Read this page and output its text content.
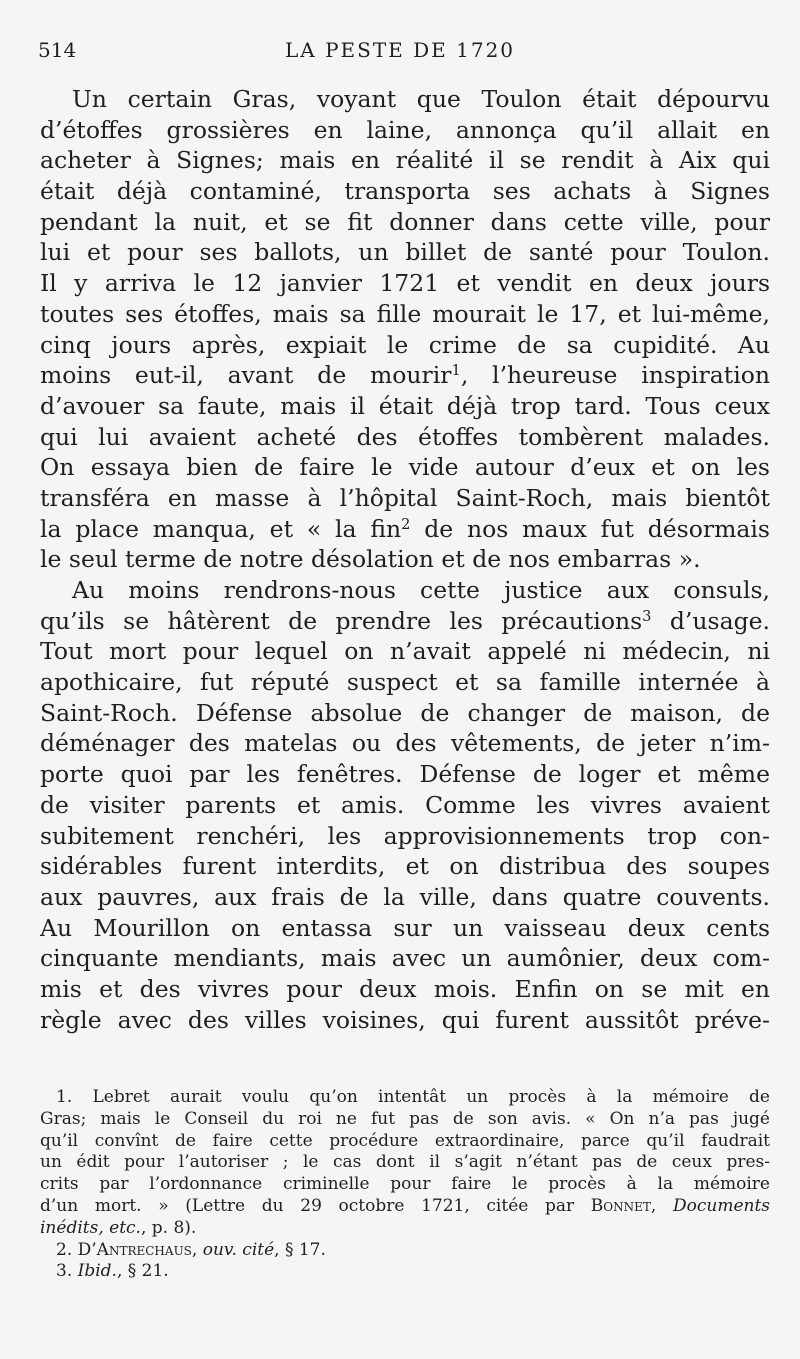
514	LA PESTE DE 1720
Un certain Gras, voyant que Toulon était dépourvu
d’étoffes grossières en laine, annonça qu’il allait en
acheter à Signes; mais en réalité il se rendit à Aix qui
était déjà contaminé, transporta ses achats à Signes
pendant la nuit, et se fit donner dans cette ville, pour
lui et pour ses ballots, un billet de santé pour Toulon.
Il y arriva le 12 janvier 1721 et vendit en deux jours
toutes ses étoffes, mais sa fille mourait le 17, et lui-même,
cinq jours après, expiait le crime de sa cupidité. Au
moins eut-il, avant de mourir$^1$, l’heureuse inspiration
d’avouer sa faute, mais il était déjà trop tard. Tous ceux
qui lui avaient acheté des étoffes tombèrent malades.
On essaya bien de faire le vide autour d’eux et on les
transféra en masse à l’hôpital Saint-Roch, mais bientôt
la place manqua, et « la fin$^2$ de nos maux fut désormais
le seul terme de notre désolation et de nos embarras ».
Au moins rendrons-nous cette justice aux consuls,
qu’ils se hâtèrent de prendre les précautions$^3$ d’usage.
Tout mort pour lequel on n’avait appelé ni médecin, ni
apothicaire, fut réputé suspect et sa famille internée à
Saint-Roch. Défense absolue de changer de maison, de
déménager des matelas ou des vêtements, de jeter n’im-
porte quoi par les fenêtres. Défense de loger et même
de visiter parents et amis. Comme les vivres avaient
subitement renchéri, les approvisionnements trop con-
sidérables furent interdits, et on distribua des soupes
aux pauvres, aux frais de la ville, dans quatre couvents.
Au Mourillon on entassa sur un vaisseau deux cents
cinquante mendiants, mais avec un aumônier, deux com-
mis et des vivres pour deux mois. Enfin on se mit en
règle avec des villes voisines, qui furent aussitôt préve-
1. Lebret aurait voulu qu’on intentât un procès à la mémoire de
Gras; mais le Conseil du roi ne fut pas de son avis. « On n’a pas jugé
qu’il convînt de faire cette procédure extraordinaire, parce qu’il faudrait
un édit pour l’autoriser ; le cas dont il s’agit n’étant pas de ceux pres-
crits par l’ordonnance criminelle pour faire le procès à la mémoire
d’un mort. » (Lettre du 29 octobre 1721, citée par Bonnet, Documents
inédits, etc., p. 8).
2. D’Antrechaus, ouv. cité, § 17.
3. Ibid., § 21.
